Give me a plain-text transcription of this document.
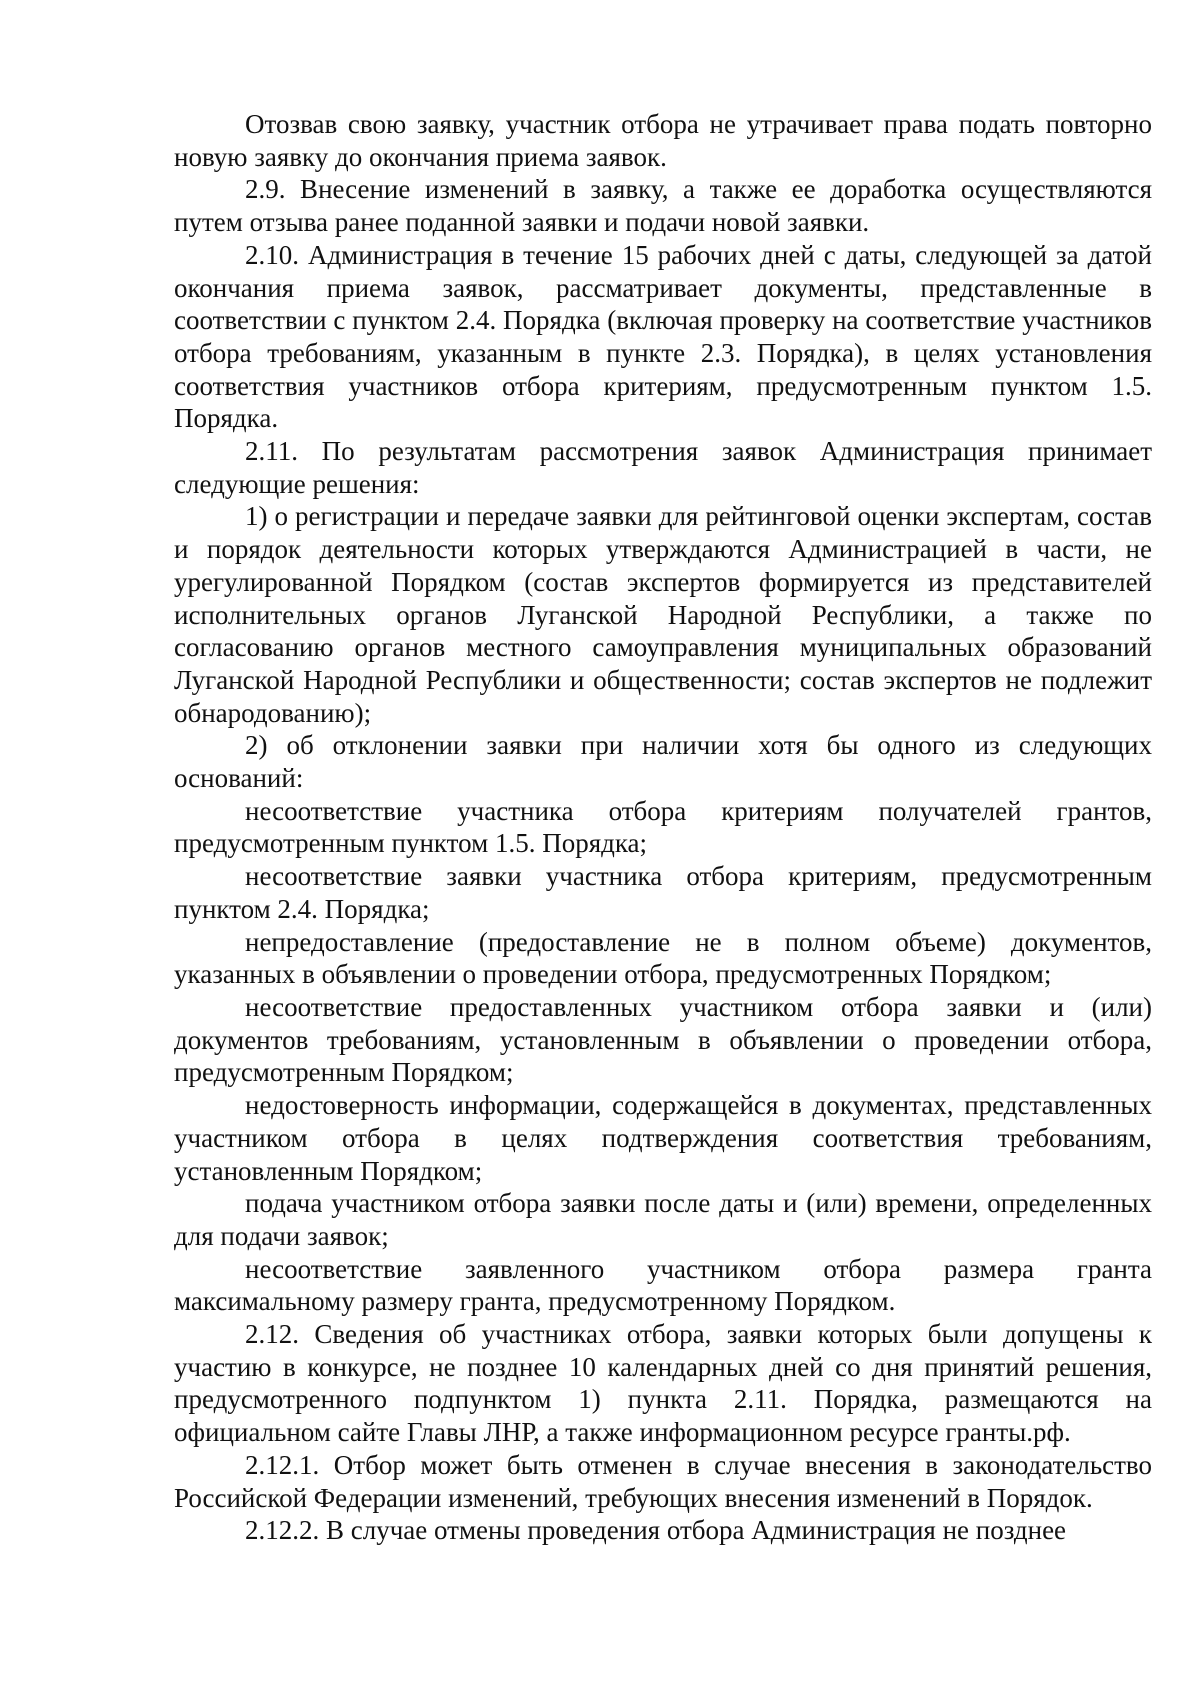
Отозвав свою заявку, участник отбора не утрачивает права подать повторно новую заявку до окончания приема заявок.

2.9. Внесение изменений в заявку, а также ее доработка осуществляются путем отзыва ранее поданной заявки и подачи новой заявки.

2.10. Администрация в течение 15 рабочих дней с даты, следующей за датой окончания приема заявок, рассматривает документы, представленные в соответствии с пунктом 2.4. Порядка (включая проверку на соответствие участников отбора требованиям, указанным в пункте 2.3. Порядка), в целях установления соответствия участников отбора критериям, предусмотренным пунктом 1.5. Порядка.

2.11. По результатам рассмотрения заявок Администрация принимает следующие решения:

1) о регистрации и передаче заявки для рейтинговой оценки экспертам, состав и порядок деятельности которых утверждаются Администрацией в части, не урегулированной Порядком (состав экспертов формируется из представителей исполнительных органов Луганской Народной Республики, а также по согласованию органов местного самоуправления муниципальных образований Луганской Народной Республики и общественности; состав экспертов не подлежит обнародованию);

2) об отклонении заявки при наличии хотя бы одного из следующих оснований:

несоответствие участника отбора критериям получателей грантов, предусмотренным пунктом 1.5. Порядка;

несоответствие заявки участника отбора критериям, предусмотренным пунктом 2.4. Порядка;

непредоставление (предоставление не в полном объеме) документов, указанных в объявлении о проведении отбора, предусмотренных Порядком;

несоответствие предоставленных участником отбора заявки и (или) документов требованиям, установленным в объявлении о проведении отбора, предусмотренным Порядком;

недостоверность информации, содержащейся в документах, представленных участником отбора в целях подтверждения соответствия требованиям, установленным Порядком;

подача участником отбора заявки после даты и (или) времени, определенных для подачи заявок;

несоответствие заявленного участником отбора размера гранта максимальному размеру гранта, предусмотренному Порядком.

2.12. Сведения об участниках отбора, заявки которых были допущены к участию в конкурсе, не позднее 10 календарных дней со дня принятий решения, предусмотренного подпунктом 1) пункта 2.11. Порядка, размещаются на официальном сайте Главы ЛНР, а также информационном ресурсе гранты.рф.

2.12.1. Отбор может быть отменен в случае внесения в законодательство Российской Федерации изменений, требующих внесения изменений в Порядок.

2.12.2. В случае отмены проведения отбора Администрация не позднее
